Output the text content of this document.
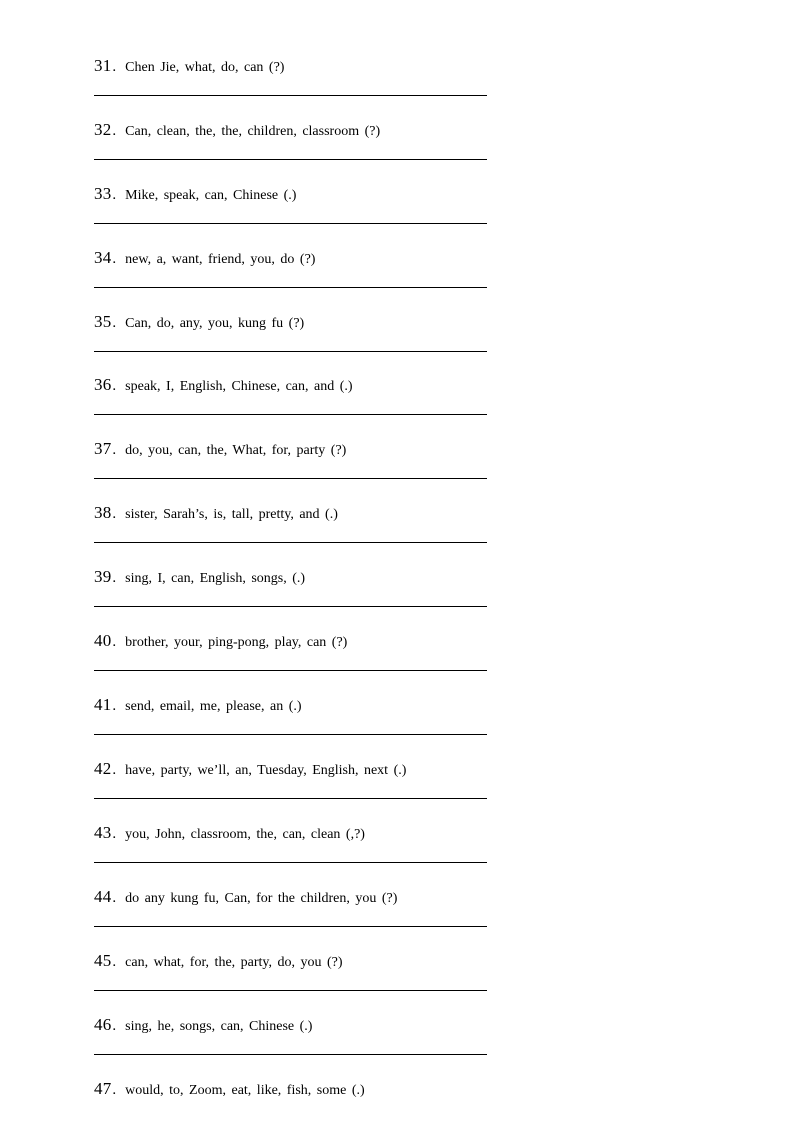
31. Chen Jie, what, do, can (?)
32. Can, clean, the, the, children, classroom (?)
33. Mike, speak, can, Chinese (.)
34. new, a, want, friend, you, do (?)
35. Can, do, any, you, kung fu (?)
36. speak, I, English, Chinese, can, and (.)
37. do, you, can, the, What, for, party (?)
38. sister, Sarah’s, is, tall, pretty, and (.)
39. sing, I, can, English, songs, (.)
40. brother, your, ping-pong, play, can (?)
41. send, email, me, please, an (.)
42. have, party, we’ll, an, Tuesday, English, next (.)
43. you, John, classroom, the, can, clean (,?)
44. do any kung fu, Can, for the children, you (?)
45. can, what, for, the, party, do, you (?)
46. sing, he, songs, can, Chinese (.)
47. would, to, Zoom, eat, like, fish, some (.)
